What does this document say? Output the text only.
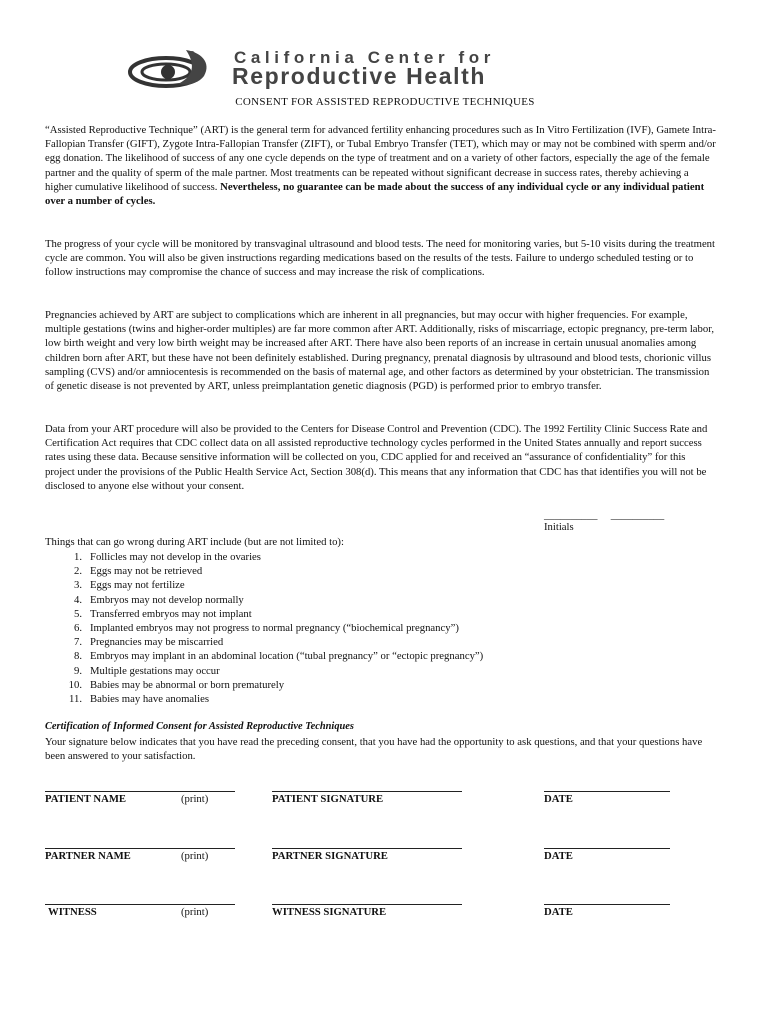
California Center for
Reproductive Health
CONSENT FOR ASSISTED REPRODUCTIVE TECHNIQUES

“Assisted Reproductive Technique” (ART) is the general term for advanced fertility enhancing procedures such as In Vitro Fertilization (IVF), Gamete Intra-Fallopian Transfer (GIFT), Zygote Intra-Fallopian Transfer (ZIFT), or Tubal Embryo Transfer (TET), which may or may not be combined with sperm and/or egg donation. The likelihood of success of any one cycle depends on the type of treatment and on a variety of other factors, especially the age of the female partner and the quality of sperm of the male partner. Most treatments can be repeated without significant decrease in success rates, thereby achieving a higher cumulative likelihood of success. Nevertheless, no guarantee can be made about the success of any individual cycle or any individual patient over a number of cycles.

The progress of your cycle will be monitored by transvaginal ultrasound and blood tests. The need for monitoring varies, but 5-10 visits during the treatment cycle are common. You will also be given instructions regarding medications based on the results of the tests. Failure to undergo scheduled testing or to follow instructions may compromise the chance of success and may increase the risk of complications.

Pregnancies achieved by ART are subject to complications which are inherent in all pregnancies, but may occur with higher frequencies. For example, multiple gestations (twins and higher-order multiples) are far more common after ART. Additionally, risks of miscarriage, ectopic pregnancy, pre-term labor, low birth weight and very low birth weight may be increased after ART. There have also been reports of an increase in certain unusual anomalies among children born after ART, but these have not been definitely established. During pregnancy, prenatal diagnosis by ultrasound and blood tests, chorionic villus sampling (CVS) and/or amniocentesis is recommended on the basis of maternal age, and other factors as determined by your obstetrician. The transmission of genetic disease is not prevented by ART, unless preimplantation genetic diagnosis (PGD) is performed prior to embryo transfer.

Data from your ART procedure will also be provided to the Centers for Disease Control and Prevention (CDC). The 1992 Fertility Clinic Success Rate and Certification Act requires that CDC collect data on all assisted reproductive technology cycles performed in the United States annually and report success rates using these data. Because sensitive information will be collected on you, CDC applied for and received an “assurance of confidentiality” for this project under the provisions of the Public Health Service Act, Section 308(d). This means that any information that CDC has that identifies you will not be disclosed to anyone else without your consent.

__________     __________
Initials
Things that can go wrong during ART include (but are not limited to):
1. Follicles may not develop in the ovaries
2. Eggs may not be retrieved
3. Eggs may not fertilize
4. Embryos may not develop normally
5. Transferred embryos may not implant
6. Implanted embryos may not progress to normal pregnancy (“biochemical pregnancy”)
7. Pregnancies may be miscarried
8. Embryos may implant in an abdominal location (“tubal pregnancy” or “ectopic pregnancy”)
9. Multiple gestations may occur
10. Babies may be abnormal or born prematurely
11. Babies may have anomalies
Certification of Informed Consent for Assisted Reproductive Techniques

Your signature below indicates that you have read the preceding consent, that you have had the opportunity to ask questions, and that your questions have been answered to your satisfaction.

PATIENT NAME	(print)	PATIENT SIGNATURE	DATE
PARTNER NAME	(print)	PARTNER SIGNATURE	DATE
WITNESS	(print)	WITNESS SIGNATURE	DATE
